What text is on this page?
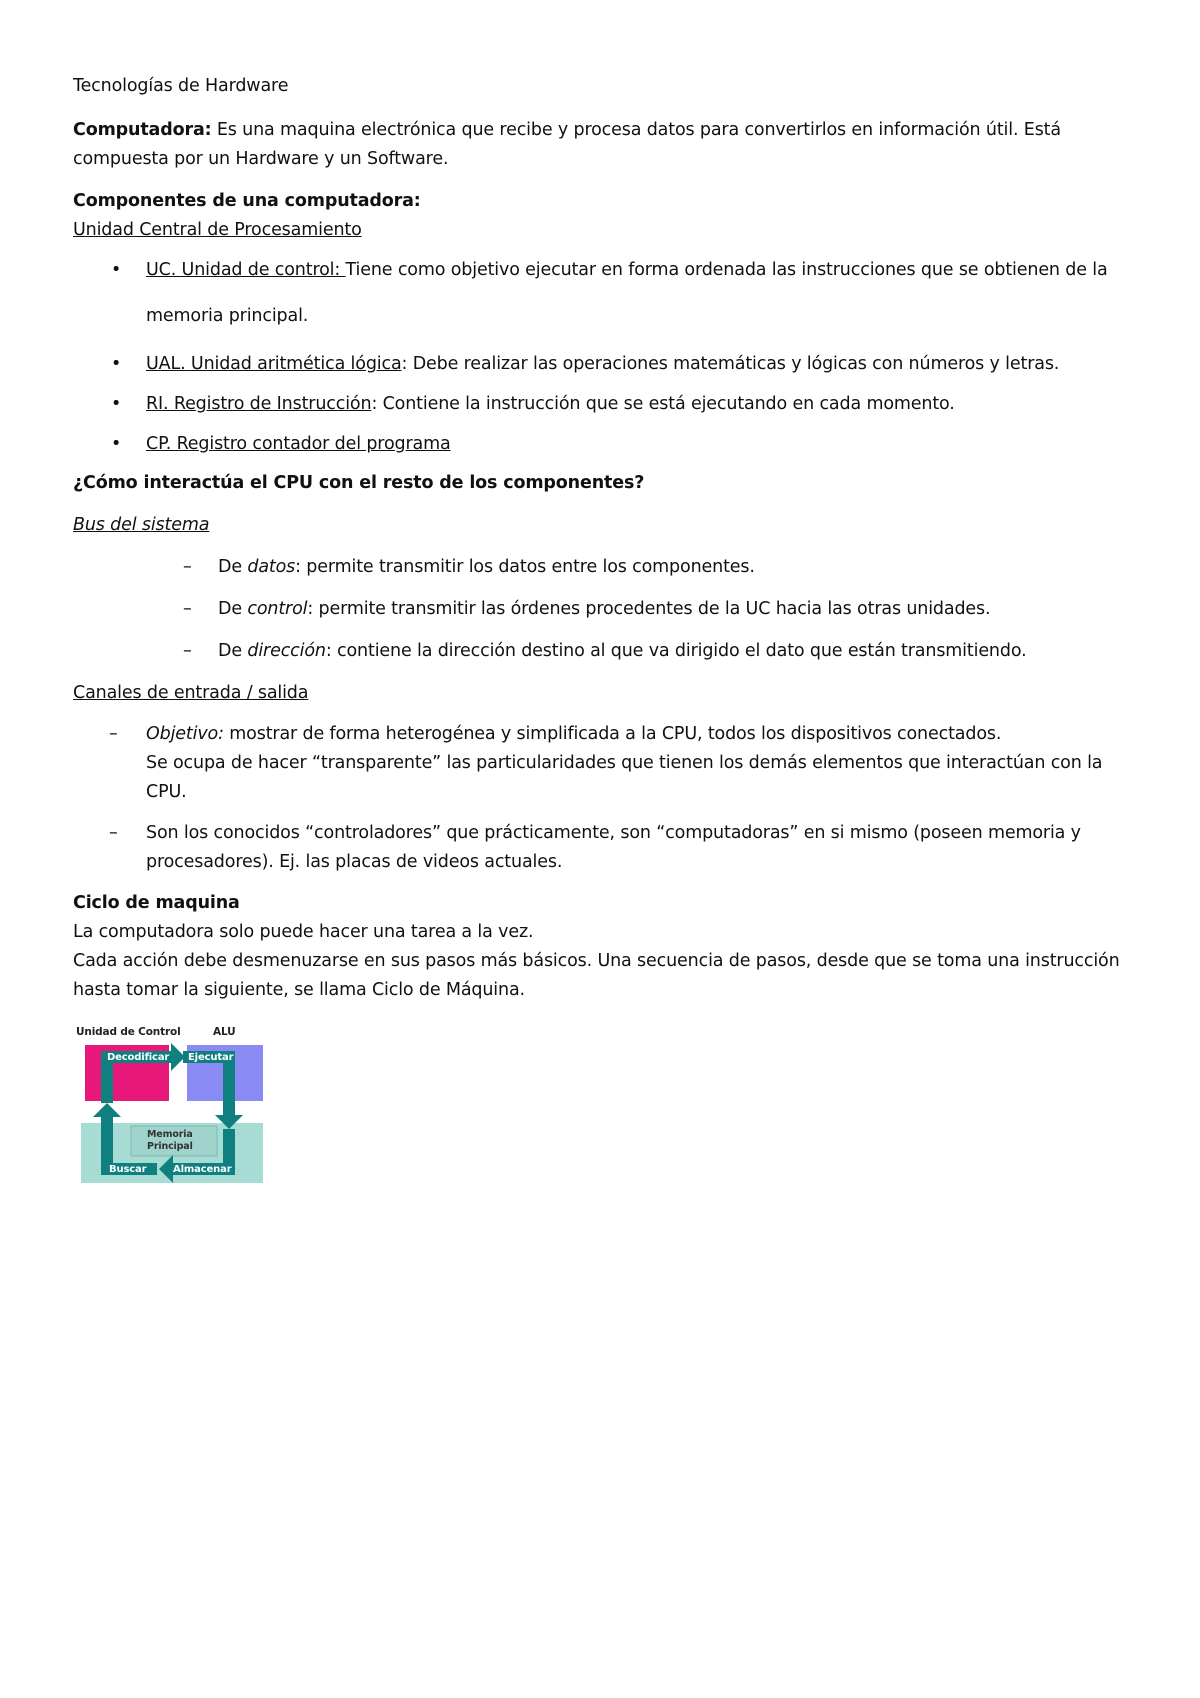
Tecnologías de Hardware

Computadora: Es una maquina electrónica que recibe y procesa datos para convertirlos en información útil. Está compuesta por un Hardware y un Software.

Componentes de una computadora:

Unidad Central de Procesamiento

• UC. Unidad de control: Tiene como objetivo ejecutar en forma ordenada las instrucciones que se obtienen de la memoria principal.
• UAL. Unidad aritmética lógica: Debe realizar las operaciones matemáticas y lógicas con números y letras.
• RI. Registro de Instrucción: Contiene la instrucción que se está ejecutando en cada momento.
• CP. Registro contador del programa

¿Cómo interactúa el CPU con el resto de los componentes?

Bus del sistema

– De datos: permite transmitir los datos entre los componentes.
– De control: permite transmitir las órdenes procedentes de la UC hacia las otras unidades.
– De dirección: contiene la dirección destino al que va dirigido el dato que están transmitiendo.

Canales de entrada / salida

– Objetivo: mostrar de forma heterogénea y simplificada a la CPU, todos los dispositivos conectados.
Se ocupa de hacer “transparente” las particularidades que tienen los demás elementos que interactúan con la CPU.
– Son los conocidos “controladores” que prácticamente, son “computadoras” en si mismo (poseen memoria y procesadores). Ej. las placas de videos actuales.

Ciclo de maquina

La computadora solo puede hacer una tarea a la vez.

Cada acción debe desmenuzarse en sus pasos más básicos. Una secuencia de pasos, desde que se toma una instrucción hasta tomar la siguiente, se llama Ciclo de Máquina.

Unidad de Control	ALU
Decodificar Ejecutar
Memoria
Principal
Buscar	Almacenar
